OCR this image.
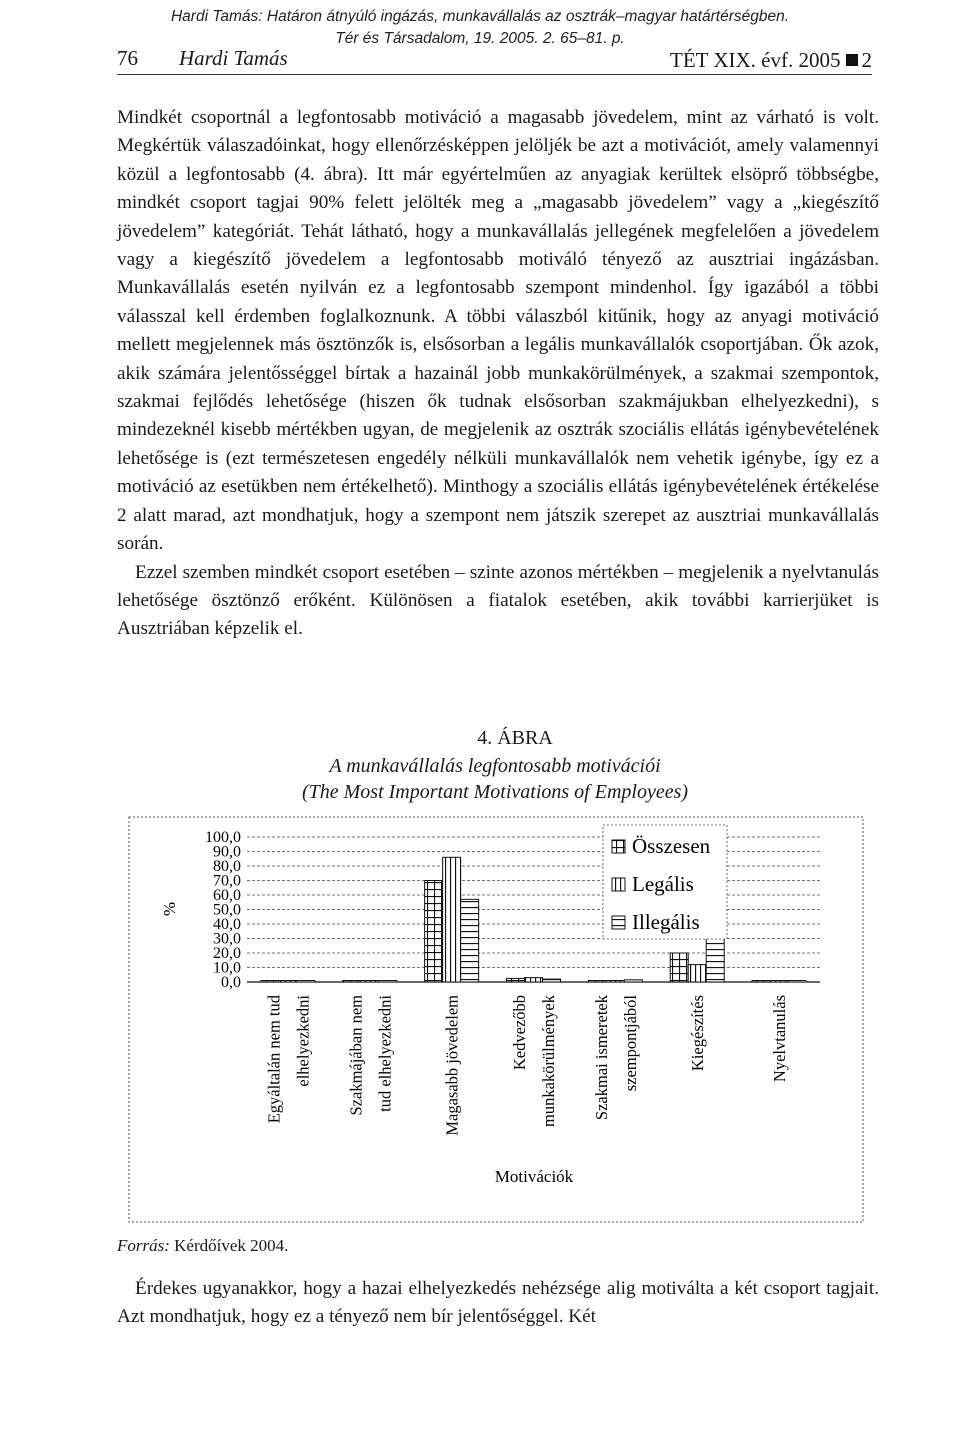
Hardi Tamás: Határon átnyúló ingázás, munkavállalás az osztrák–magyar határtérségben.
Tér és Társadalom, 19. 2005. 2. 65–81. p.
76 Hardi Tamás	TÉT XIX. évf. 2005 2

Mindkét csoportnál a legfontosabb motiváció a magasabb jövedelem, mint az várható is volt. Megkértük válaszadóinkat, hogy ellenőrzésképpen jelöljék be azt a motivációt, amely valamennyi közül a legfontosabb (4. ábra). Itt már egyértelműen az anyagiak kerültek elsöprő többségbe, mindkét csoport tagjai 90% felett jelölték meg a „magasabb jövedelem” vagy a „kiegészítő jövedelem” kategóriát. Tehát látható, hogy a munkavállalás jellegének megfelelően a jövedelem vagy a kiegészítő jövedelem a legfontosabb motiváló tényező az ausztriai ingázásban. Munkavállalás esetén nyilván ez a legfontosabb szempont mindenhol. Így igazából a többi válasszal kell érdemben foglalkoznunk. A többi válaszból kitűnik, hogy az anyagi motiváció mellett megjelennek más ösztönzők is, elsősorban a legális munkavállalók csoportjában. Ők azok, akik számára jelentősséggel bírtak a hazainál jobb munkakörülmények, a szakmai szempontok, szakmai fejlődés lehetősége (hiszen ők tudnak elsősorban szakmájukban elhelyezkedni), s mindezeknél kisebb mértékben ugyan, de megjelenik az osztrák szociális ellátás igénybevételének lehetősége is (ezt természetesen engedély nélküli munkavállalók nem vehetik igénybe, így ez a motiváció az esetükben nem értékelhető). Minthogy a szociális ellátás igénybevételének értékelése 2 alatt marad, azt mondhatjuk, hogy a szempont nem játszik szerepet az ausztriai munkavállalás során.

Ezzel szemben mindkét csoport esetében – szinte azonos mértékben – megjelenik a nyelvtanulás lehetősége ösztönző erőként. Különösen a fiatalok esetében, akik további karrierjüket is Ausztriában képzelik el.

4. ÁBRA
A munkavállalás legfontosabb motivációi
(The Most Important Motivations of Employees)
100,0
90,0
80,0
70,0
60,0
50,0
40,0
30,0
20,0
10,0
0,0
Egyáltalán nem tud elhelyezkedni Szakmájában nem tud elhelyezkedni	Magasabb jövedelem	Kedvezőbb munkakörülmények Szakmai ismeretek szempontjából	Kiegészítés	Nyelvtanulás
%
Motivációk
Összesen
Legális
Illegális
Forrás: Kérdőívek 2004.

Érdekes ugyanakkor, hogy a hazai elhelyezkedés nehézsége alig motiválta a két csoport tagjait. Azt mondhatjuk, hogy ez a tényező nem bír jelentőséggel. Két
